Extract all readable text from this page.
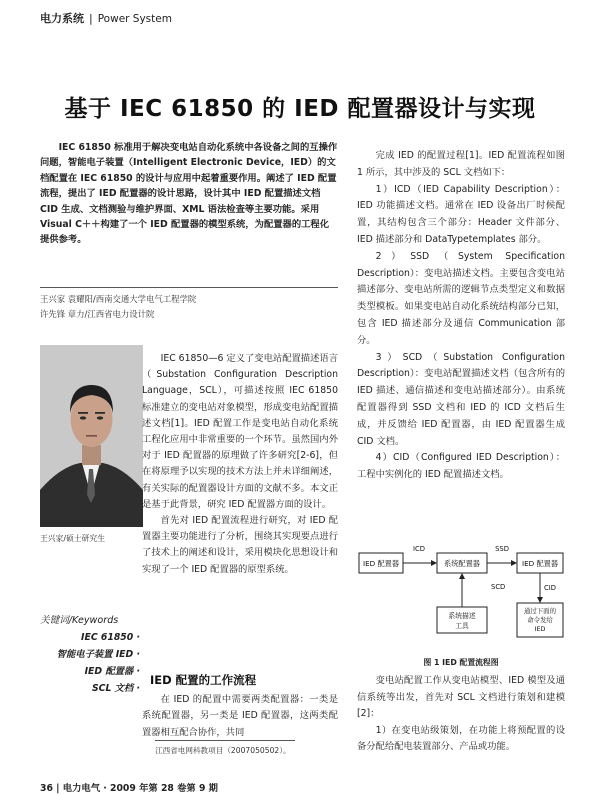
电力系统 | Power System
基于 IEC 61850 的 IED 配置器设计与实现

IEC 61850 标准用于解决变电站自动化系统中各设备之间的互操作问题，智能电子装置（Intelligent Electronic Device，IED）的文档配置在 IEC 61850 的设计与应用中起着重要作用。阐述了 IED 配置流程，提出了 IED 配置器的设计思路，设计其中 IED 配置描述文档 CID 生成、文档测验与维护界面、XML 语法检查等主要功能。采用 Visual C＋＋构建了一个 IED 配置器的模型系统，为配置器的工程化提供参考。

王兴家 袁耀阳/西南交通大学电气工程学院
许先锋 章力/江西省电力设计院
王兴家/硕士研究生
关键词/Keywords
IEC 61850 ·
智能电子装置 IED ·
IED 配置器 ·
SCL 文档 ·

IEC 61850—6 定义了变电站配置描述语言（Substation Configuration Description Language，SCL），可描述按照 IEC 61850 标准建立的变电站对象模型，形成变电站配置描述文档[1]。IED 配置工作是变电站自动化系统工程化应用中非常重要的一个环节。虽然国内外对于 IED 配置器的原理做了许多研究[2-6]，但在将原理予以实现的技术方法上并未详细阐述，有关实际的配置器设计方面的文献不多。本文正是基于此背景，研究 IED 配置器方面的设计。

首先对 IED 配置流程进行研究，对 IED 配置器主要功能进行了分析，围绕其实现要点进行了技术上的阐述和设计，采用模块化思想设计和实现了一个 IED 配置器的原型系统。

IED 配置的工作流程

在 IED 的配置中需要两类配置器：一类是系统配置器，另一类是 IED 配置器，这两类配置器相互配合协作，共同

江西省电网科教项目（2007050502）。
36 | 电力电气 · 2009 年第 28 卷第 9 期

完成 IED 的配置过程[1]。IED 配置流程如图 1 所示，其中涉及的 SCL 文档如下：

1）ICD（IED Capability Description）：IED 功能描述文档。通常在 IED 设备出厂时候配置，其结构包含三个部分：Header 文件部分、IED 描述部分和 DataTypetemplates 部分。

2）SSD（System Specification Description）：变电站描述文档。主要包含变电站描述部分、变电站所需的逻辑节点类型定义和数据类型模板。如果变电站自动化系统结构部分已知，包含 IED 描述部分及通信 Communication 部分。

3）SCD（Substation Configuration Description）：变电站配置描述文档（包含所有的 IED 描述、通信描述和变电站描述部分）。由系统配置器得到 SSD 文档和 IED 的 ICD 文档后生成，并反馈给 IED 配置器，由 IED 配置器生成 CID 文档。

4）CID（Configured IED Description）：工程中实例化的 IED 配置描述文档。

IED 配置器	系统配置器	IED 配置器
ICD	SSD
系统描述
工具
SCD
通过下面的
命令发给
IED
CID
图 1 IED 配置流程图

变电站配置工作从变电站模型、IED 模型及通信系统等出发，首先对 SCL 文档进行策划和建模[2]：

1）在变电站级策划，在功能上将预配置的设备分配给配电装置部分、产品或功能。
